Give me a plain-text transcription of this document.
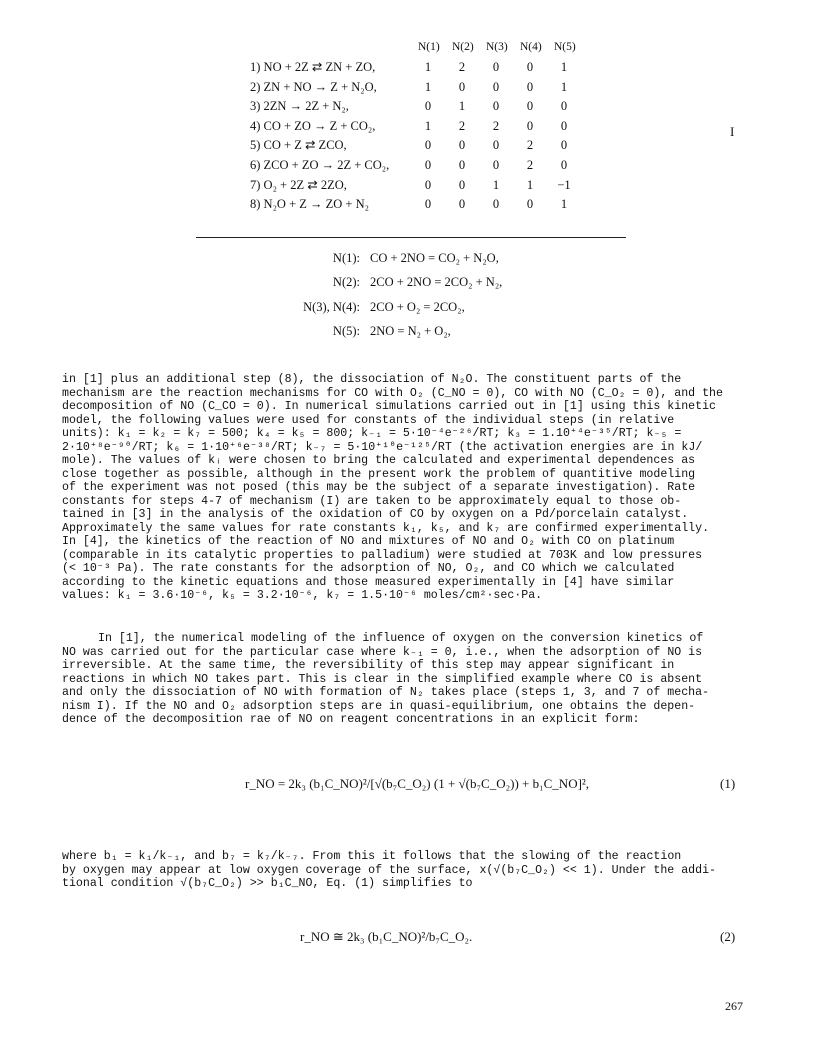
N(1) N(2) N(3) N(4) N(5)
1) NO + 2Z ⇄ ZN + ZO,	1	2	0	0	1
2) ZN + NO → Z + N₂O,	1	0	0	0	1
3) 2ZN → 2Z + N₂,	0	1	0	0	0
4) CO + ZO → Z + CO₂,	1	2	2	0	0
5) CO + Z ⇄ ZCO,	0	0	0	2	0
6) ZCO + ZO → 2Z + CO₂,	0	0	0	2	0
7) O₂ + 2Z ⇄ 2ZO,	0	0	1	1	−1
8) N₂O + Z → ZO + N₂	0	0	0	0	1
I
N(1): CO + 2NO = CO₂ + N₂O,
N(2): 2CO + 2NO = 2CO₂ + N₂,
N(3), N(4): 2CO + O₂ = 2CO₂,
N(5): 2NO = N₂ + O₂,
in [1] plus an additional step (8), the dissociation of N₂O. The constituent parts of the
mechanism are the reaction mechanisms for CO with O₂ (C_NO = 0), CO with NO (C_O₂ = 0), and the
decomposition of NO (C_CO = 0). In numerical simulations carried out in [1] using this kinetic
model, the following values were used for constants of the individual steps (in relative
units): k₁ = k₂ = k₇ = 500; k₄ = k₅ = 800; k₋₁ = 5·10⁻⁴e⁻²⁶/RT; k₃ = 1.10⁺⁴e⁻³⁵/RT; k₋₅ =
2·10⁺⁸e⁻⁹⁰/RT; k₆ = 1·10⁺⁶e⁻³⁸/RT; k₋₇ = 5·10⁺¹⁰e⁻¹²⁵/RT (the activation energies are in kJ/
mole). The values of kᵢ were chosen to bring the calculated and experimental dependences as
close together as possible, although in the present work the problem of quantitive modeling
of the experiment was not posed (this may be the subject of a separate investigation). Rate
constants for steps 4-7 of mechanism (I) are taken to be approximately equal to those ob-
tained in [3] in the analysis of the oxidation of CO by oxygen on a Pd/porcelain catalyst.
Approximately the same values for rate constants k₁, k₅, and k₇ are confirmed experimentally.
In [4], the kinetics of the reaction of NO and mixtures of NO and O₂ with CO on platinum
(comparable in its catalytic properties to palladium) were studied at 703K and low pressures
(< 10⁻³ Pa). The rate constants for the adsorption of NO, O₂, and CO which we calculated
according to the kinetic equations and those measured experimentally in [4] have similar
values: k₁ = 3.6·10⁻⁶, k₅ = 3.2·10⁻⁶, k₇ = 1.5·10⁻⁶ moles/cm²·sec·Pa.
In [1], the numerical modeling of the influence of oxygen on the conversion kinetics of
NO was carried out for the particular case where k₋₁ = 0, i.e., when the adsorption of NO is
irreversible. At the same time, the reversibility of this step may appear significant in
reactions in which NO takes part. This is clear in the simplified example where CO is absent
and only the dissociation of NO with formation of N₂ takes place (steps 1, 3, and 7 of mecha-
nism I). If the NO and O₂ adsorption steps are in quasi-equilibrium, one obtains the depen-
dence of the decomposition rae of NO on reagent concentrations in an explicit form:
r_NO = 2k₃ (b₁C_NO)²/[√(b₇C_O₂) (1 + √(b₇C_O₂)) + b₁C_NO]²,	(1)
where b₁ = k₁/k₋₁, and b₇ = k₇/k₋₇. From this it follows that the slowing of the reaction
by oxygen may appear at low oxygen coverage of the surface, x(√(b₇C_O₂) << 1). Under the addi-
tional condition √(b₇C_O₂) >> b₁C_NO, Eq. (1) simplifies to
r_NO ≅ 2k₃ (b₁C_NO)²/b₇C_O₂.	(2)
267
